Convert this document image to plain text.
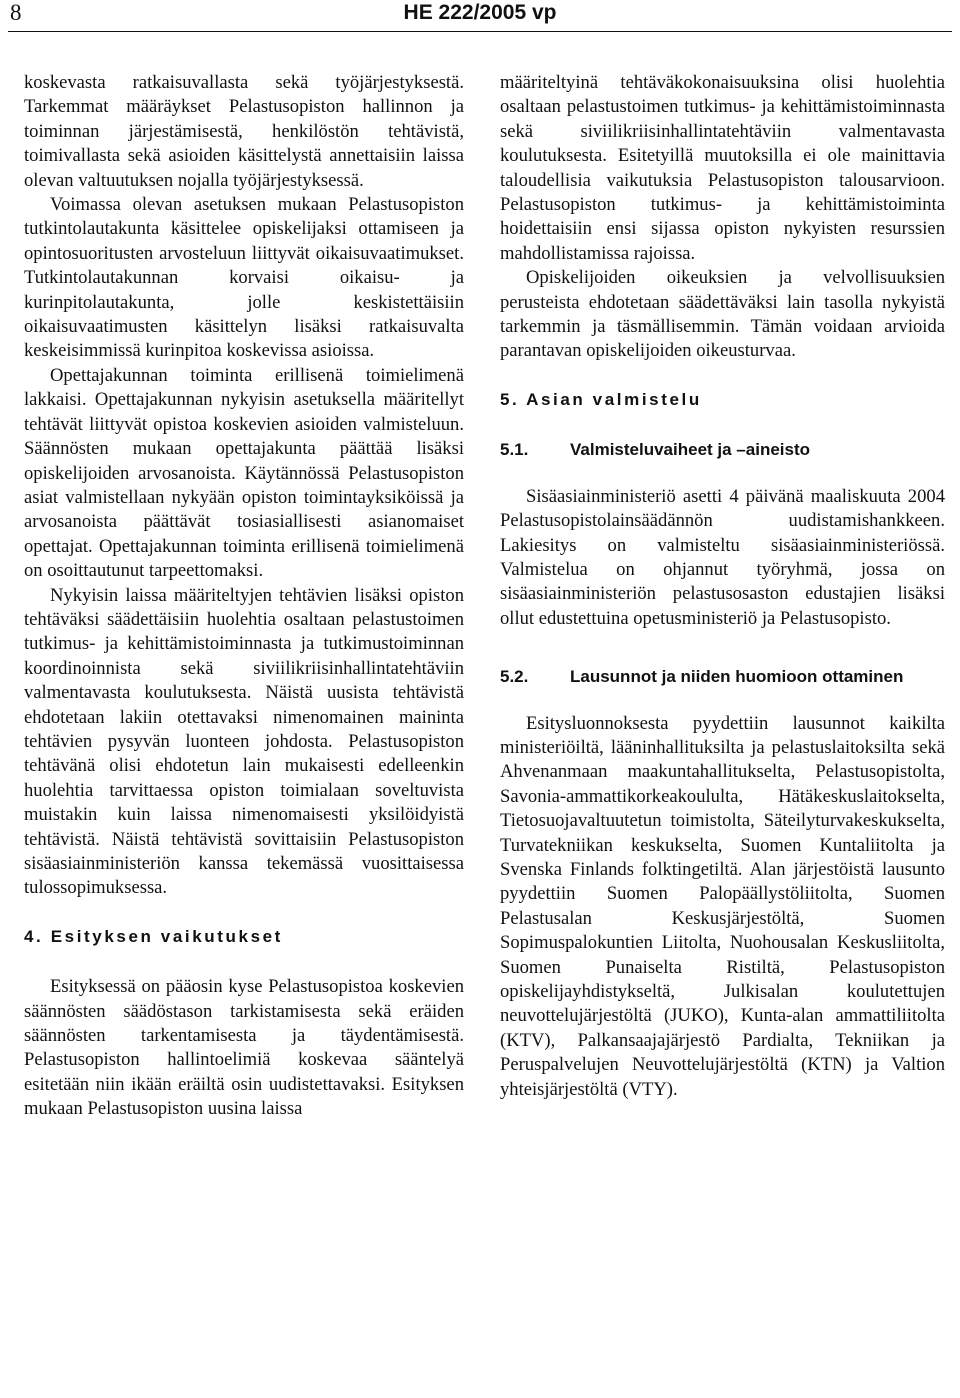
8	HE 222/2005 vp

koskevasta ratkaisuvallasta sekä työjärjestyksestä. Tarkemmat määräykset Pelastusopiston hallinnon ja toiminnan järjestämisestä, henkilöstön tehtävistä, toimivallasta sekä asioiden käsittelystä annettaisiin laissa olevan valtuutuksen nojalla työjärjestyksessä.

Voimassa olevan asetuksen mukaan Pelastusopiston tutkintolautakunta käsittelee opiskelijaksi ottamiseen ja opintosuoritusten arvosteluun liittyvät oikaisuvaatimukset. Tutkintolautakunnan korvaisi oikaisu- ja kurinpitolautakunta, jolle keskistettäisiin oikaisuvaatimusten käsittelyn lisäksi ratkaisuvalta keskeisimmissä kurinpitoa koskevissa asioissa.

Opettajakunnan toiminta erillisenä toimielimenä lakkaisi. Opettajakunnan nykyisin asetuksella määritellyt tehtävät liittyvät opistoa koskevien asioiden valmisteluun. Säännösten mukaan opettajakunta päättää lisäksi opiskelijoiden arvosanoista. Käytännössä Pelastusopiston asiat valmistellaan nykyään opiston toimintayksiköissä ja arvosanoista päättävät tosiasiallisesti asianomaiset opettajat. Opettajakunnan toiminta erillisenä toimielimenä on osoittautunut tarpeettomaksi.

Nykyisin laissa määriteltyjen tehtävien lisäksi opiston tehtäväksi säädettäisiin huolehtia osaltaan pelastustoimen tutkimus- ja kehittämistoiminnasta ja tutkimustoiminnan koordinoinnista sekä siviilikriisinhallintatehtäviin valmentavasta koulutuksesta. Näistä uusista tehtävistä ehdotetaan lakiin otettavaksi nimenomainen maininta tehtävien pysyvän luonteen johdosta. Pelastusopiston tehtävänä olisi ehdotetun lain mukaisesti edelleenkin huolehtia tarvittaessa opiston toimialaan soveltuvista muistakin kuin laissa nimenomaisesti yksilöidyistä tehtävistä. Näistä tehtävistä sovittaisiin Pelastusopiston sisäasiainministeriön kanssa tekemässä vuosittaisessa tulossopimuksessa.

4. Esityksen vaikutukset

Esityksessä on pääosin kyse Pelastusopistoa koskevien säännösten säädöstason tarkistamisesta sekä eräiden säännösten tarkentamisesta ja täydentämisestä. Pelastusopiston hallintoelimiä koskevaa sääntelyä esitetään niin ikään eräiltä osin uudistettavaksi. Esityksen mukaan Pelastusopiston uusina laissa

määriteltyinä tehtäväkokonaisuuksina olisi huolehtia osaltaan pelastustoimen tutkimus- ja kehittämistoiminnasta sekä siviilikriisinhallintatehtäviin valmentavasta koulutuksesta. Esitetyillä muutoksilla ei ole mainittavia taloudellisia vaikutuksia Pelastusopiston talousarvioon. Pelastusopiston tutkimus- ja kehittämistoiminta hoidettaisiin ensi sijassa opiston nykyisten resurssien mahdollistamissa rajoissa.

Opiskelijoiden oikeuksien ja velvollisuuksien perusteista ehdotetaan säädettäväksi lain tasolla nykyistä tarkemmin ja täsmällisemmin. Tämän voidaan arvioida parantavan opiskelijoiden oikeusturvaa.

5. Asian valmistelu
5.1.	Valmisteluvaiheet ja –aineisto

Sisäasiainministeriö asetti 4 päivänä maaliskuuta 2004 Pelastusopistolainsäädännön uudistamishankkeen. Lakiesitys on valmisteltu sisäasiainministeriössä. Valmistelua on ohjannut työryhmä, jossa on sisäasiainministeriön pelastusosaston edustajien lisäksi ollut edustettuina opetusministeriö ja Pelastusopisto.

5.2.	Lausunnot ja niiden huomioon ottaminen

Esitysluonnoksesta pyydettiin lausunnot kaikilta ministeriöiltä, lääninhallituksilta ja pelastuslaitoksilta sekä Ahvenanmaan maakuntahallitukselta, Pelastusopistolta, Savonia-ammattikorkeakoululta, Hätäkeskuslaitokselta, Tietosuojavaltuutetun toimistolta, Säteilyturvakeskukselta, Turvatekniikan keskukselta, Suomen Kuntaliitolta ja Svenska Finlands folktingetiltä. Alan järjestöistä lausunto pyydettiin Suomen Palopäällystöliitolta, Suomen Pelastusalan Keskusjärjestöltä, Suomen Sopimuspalokuntien Liitolta, Nuohousalan Keskusliitolta, Suomen Punaiselta Ristiltä, Pelastusopiston opiskelijayhdistykseltä, Julkisalan koulutettujen neuvottelujärjestöltä (JUKO), Kunta-alan ammattiliitolta (KTV), Palkansaajajärjestö Pardialta, Tekniikan ja Peruspalvelujen Neuvottelujärjestöltä (KTN) ja Valtion yhteisjärjestöltä (VTY).
